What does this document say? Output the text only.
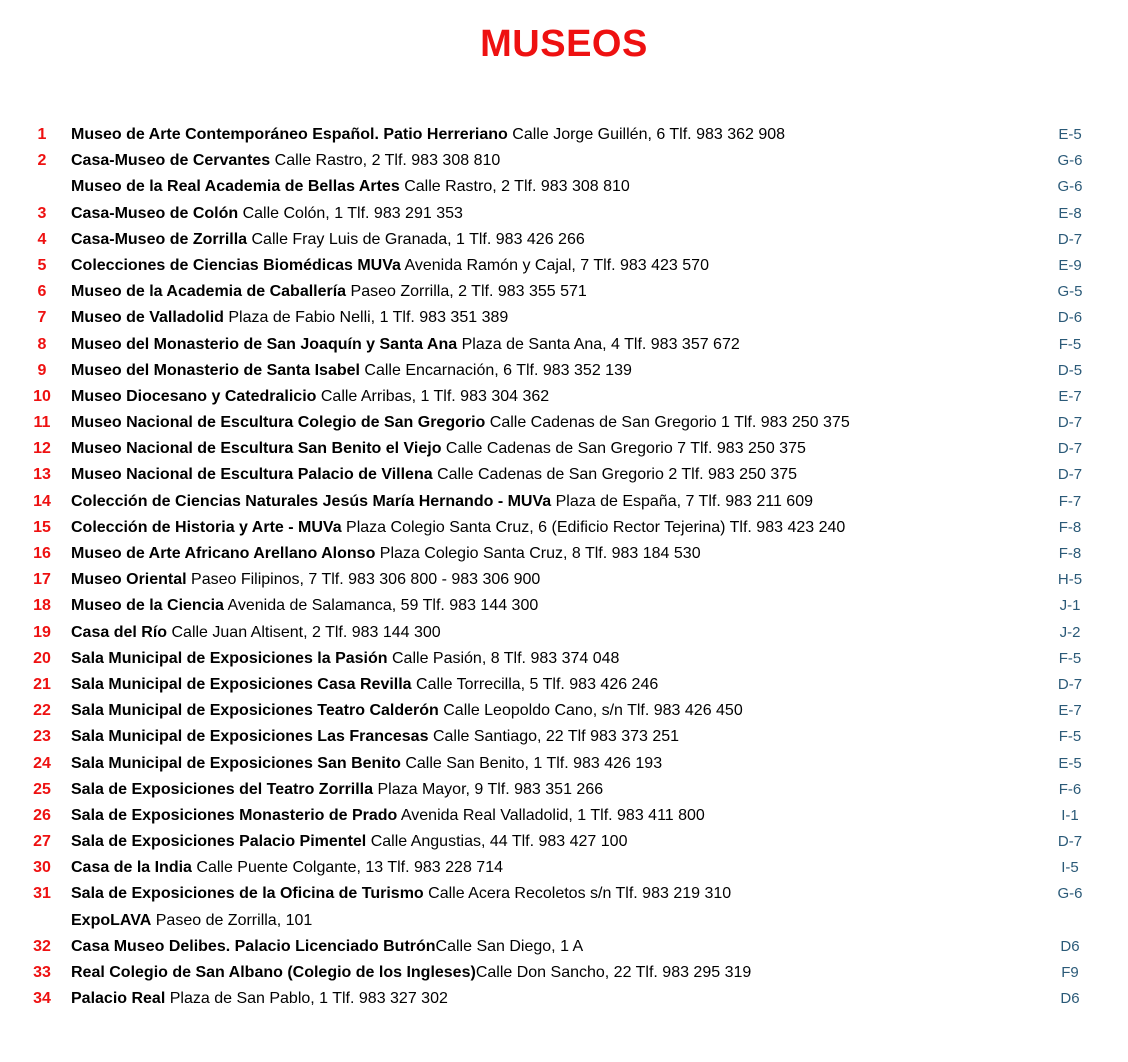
MUSEOS
1	Museo de Arte Contemporáneo Español. Patio Herreriano Calle Jorge Guillén, 6 Tlf. 983 362 908	E-5
2	Casa-Museo de Cervantes Calle Rastro, 2 Tlf. 983 308 810	G-6
Museo de la Real Academia de Bellas Artes Calle Rastro, 2 Tlf. 983 308 810	G-6
3	Casa-Museo de Colón Calle Colón, 1 Tlf. 983 291 353	E-8
4	Casa-Museo de Zorrilla Calle Fray Luis de Granada, 1 Tlf. 983 426 266	D-7
5	Colecciones de Ciencias Biomédicas MUVa Avenida Ramón y Cajal, 7 Tlf. 983 423 570	E-9
6	Museo de la Academia de Caballería Paseo Zorrilla, 2 Tlf. 983 355 571	G-5
7	Museo de Valladolid Plaza de Fabio Nelli, 1 Tlf. 983 351 389	D-6
8	Museo del Monasterio de San Joaquín y Santa Ana Plaza de Santa Ana, 4 Tlf. 983 357 672	F-5
9	Museo del Monasterio de Santa Isabel Calle Encarnación, 6 Tlf. 983 352 139	D-5
10	Museo Diocesano y Catedralicio Calle Arribas, 1 Tlf. 983 304 362	E-7
11	Museo Nacional de Escultura Colegio de San Gregorio Calle Cadenas de San Gregorio 1 Tlf. 983 250 375	D-7
12	Museo Nacional de Escultura San Benito el Viejo Calle Cadenas de San Gregorio 7 Tlf. 983 250 375	D-7
13	Museo Nacional de Escultura Palacio de Villena Calle Cadenas de San Gregorio 2 Tlf. 983 250 375	D-7
14	Colección de Ciencias Naturales Jesús María Hernando - MUVa Plaza de España, 7 Tlf. 983 211 609	F-7
15	Colección de Historia y Arte - MUVa Plaza Colegio Santa Cruz, 6 (Edificio Rector Tejerina) Tlf. 983 423 240	F-8
16	Museo de Arte Africano Arellano Alonso Plaza Colegio Santa Cruz, 8 Tlf. 983 184 530	F-8
17	Museo Oriental Paseo Filipinos, 7 Tlf. 983 306 800 - 983 306 900	H-5
18	Museo de la Ciencia Avenida de Salamanca, 59 Tlf. 983 144 300	J-1
19	Casa del Río Calle Juan Altisent, 2 Tlf. 983 144 300	J-2
20	Sala Municipal de Exposiciones la Pasión Calle Pasión, 8 Tlf. 983 374 048	F-5
21	Sala Municipal de Exposiciones Casa Revilla Calle Torrecilla, 5 Tlf. 983 426 246	D-7
22	Sala Municipal de Exposiciones Teatro Calderón Calle Leopoldo Cano, s/n Tlf. 983 426 450	E-7
23	Sala Municipal de Exposiciones Las Francesas Calle Santiago, 22 Tlf 983 373 251	F-5
24	Sala Municipal de Exposiciones San Benito Calle San Benito, 1 Tlf. 983 426 193	E-5
25	Sala de Exposiciones del Teatro Zorrilla Plaza Mayor, 9 Tlf. 983 351 266	F-6
26	Sala de Exposiciones Monasterio de Prado Avenida Real Valladolid, 1 Tlf. 983 411 800	I-1
27	Sala de Exposiciones Palacio Pimentel Calle Angustias, 44 Tlf. 983 427 100	D-7
30	Casa de la India Calle Puente Colgante, 13 Tlf. 983 228 714	I-5
31	Sala de Exposiciones de la Oficina de Turismo Calle Acera Recoletos s/n Tlf. 983 219 310	G-6
ExpoLAVA Paseo de Zorrilla, 101
32	Casa Museo Delibes. Palacio Licenciado ButrónCalle San Diego, 1 A	D6
33	Real Colegio de San Albano (Colegio de los Ingleses)Calle Don Sancho, 22 Tlf. 983 295 319	F9
34	Palacio Real Plaza de San Pablo, 1 Tlf. 983 327 302	D6
